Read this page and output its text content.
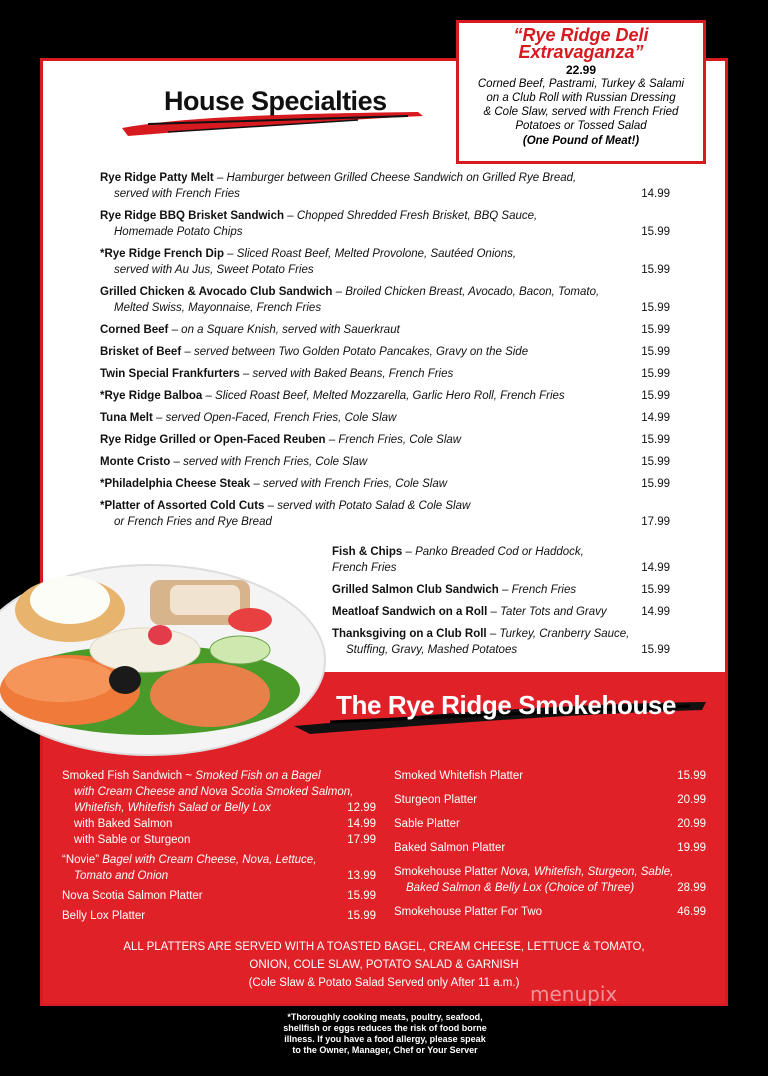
“Rye Ridge Deli
Extravaganza”
22.99
Corned Beef, Pastrami, Turkey & Salami
on a Club Roll with Russian Dressing
& Cole Slaw, served with French Fried
Potatoes or Tossed Salad
(One Pound of Meat!)
House Specialties
Rye Ridge Patty Melt – Hamburger between Grilled Cheese Sandwich on Grilled Rye Bread,
served with French Fries	14.99
Rye Ridge BBQ Brisket Sandwich – Chopped Shredded Fresh Brisket, BBQ Sauce,
Homemade Potato Chips	15.99
*Rye Ridge French Dip – Sliced Roast Beef, Melted Provolone, Sautéed Onions,
served with Au Jus, Sweet Potato Fries	15.99
Grilled Chicken & Avocado Club Sandwich – Broiled Chicken Breast, Avocado, Bacon, Tomato,
Melted Swiss, Mayonnaise, French Fries	15.99
Corned Beef – on a Square Knish, served with Sauerkraut	15.99
Brisket of Beef – served between Two Golden Potato Pancakes, Gravy on the Side	15.99
Twin Special Frankfurters – served with Baked Beans, French Fries	15.99
*Rye Ridge Balboa – Sliced Roast Beef, Melted Mozzarella, Garlic Hero Roll, French Fries	15.99
Tuna Melt – served Open-Faced, French Fries, Cole Slaw	14.99
Rye Ridge Grilled or Open-Faced Reuben – French Fries, Cole Slaw	15.99
Monte Cristo – served with French Fries, Cole Slaw	15.99
*Philadelphia Cheese Steak – served with French Fries, Cole Slaw	15.99
*Platter of Assorted Cold Cuts – served with Potato Salad & Cole Slaw
or French Fries and Rye Bread	17.99
Fish & Chips – Panko Breaded Cod or Haddock,
French Fries	14.99
Grilled Salmon Club Sandwich – French Fries	15.99
Meatloaf Sandwich on a Roll – Tater Tots and Gravy	14.99
Thanksgiving on a Club Roll – Turkey, Cranberry Sauce,
Stuffing, Gravy, Mashed Potatoes	15.99
The Rye Ridge Smokehouse
Smoked Fish Sandwich ~ Smoked Fish on a Bagel
with Cream Cheese and Nova Scotia Smoked Salmon,
Whitefish, Whitefish Salad or Belly Lox	12.99
with Baked Salmon	14.99
with Sable or Sturgeon	17.99
“Novie” Bagel with Cream Cheese, Nova, Lettuce,
Tomato and Onion	13.99
Nova Scotia Salmon Platter	15.99
Belly Lox Platter	15.99
Smoked Whitefish Platter	15.99
Sturgeon Platter	20.99
Sable Platter	20.99
Baked Salmon Platter	19.99
Smokehouse Platter Nova, Whitefish, Sturgeon, Sable,
Baked Salmon & Belly Lox (Choice of Three)	28.99
Smokehouse Platter For Two	46.99
ALL PLATTERS ARE SERVED WITH A TOASTED BAGEL, CREAM CHEESE, LETTUCE & TOMATO,
ONION, COLE SLAW, POTATO SALAD & GARNISH
(Cole Slaw & Potato Salad Served only After 11 a.m.) menupix
*Thoroughly cooking meats, poultry, seafood,
shellfish or eggs reduces the risk of food borne
illness. If you have a food allergy, please speak
to the Owner, Manager, Chef or Your Server
